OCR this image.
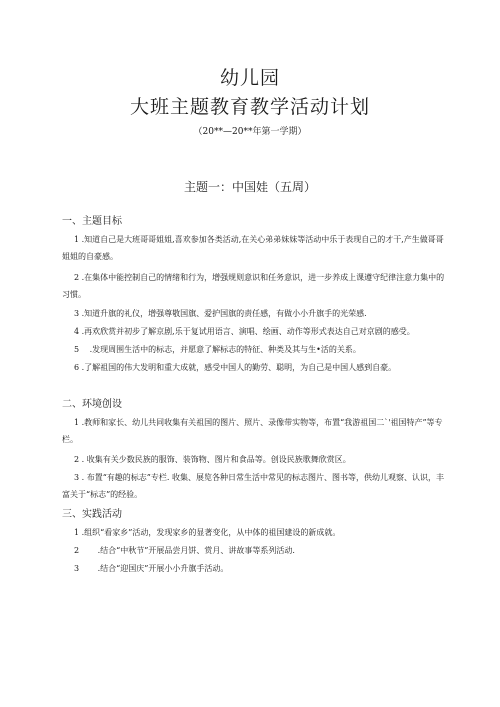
幼儿园
大班主题教育教学活动计划
（20**—20**年第一学期）
主题一：中国娃（五周）
一、主题目标
1 .知道自己是大班哥哥姐姐,喜欢参加各类活动,在关心弟弟妹妹等活动中乐于表现自己的才干,产生做哥哥姐姐的自豪感。
2 .在集体中能控制自己的情绪和行为，增强规则意识和任务意识，进一步养成上课遵守纪律注意力集中的习惯。
3 .知道升旗的礼仪，增强尊敬国旗、爱护国旗的责任感，有做小小升旗手的光荣感.
4 .再欢欣赏并初步了解京剧,乐于复试用语言、演唱、绘画、动作等形式表达自己对京剧的感受。
5 　.发现周围生活中的标志，并愿意了解标志的特征、种类及其与生•活的关系。
6 .了解祖国的伟大发明和重大成就，感受中国人的勤劳、聪明，为自己是中国人感到自豪。
二、环境创设
1 .教师和家长、幼儿共同收集有关祖国的图片、照片、录像带实物等，布置“我游祖国二`'祖国特产”等专栏。
2 . 收集有关少数民族的服饰、装饰物、图片和食品等。创设民族歌舞欣赏区。
3 . 布置“有趣的标志”专栏. 收集、展览各种日常生活中常见的标志图片、图书等，供幼儿观察、认识，丰富关于“标志”的经验。
三、实践活动
1 .组织“看家乡”活动，发现家乡的显著变化，从中体的祖国建设的新成就。
2 　　.结合“中秋节”开展品尝月饼、赏月、讲故事等系列活动.
3 　　.结合“迎国庆”开展小小升旗手活动。
